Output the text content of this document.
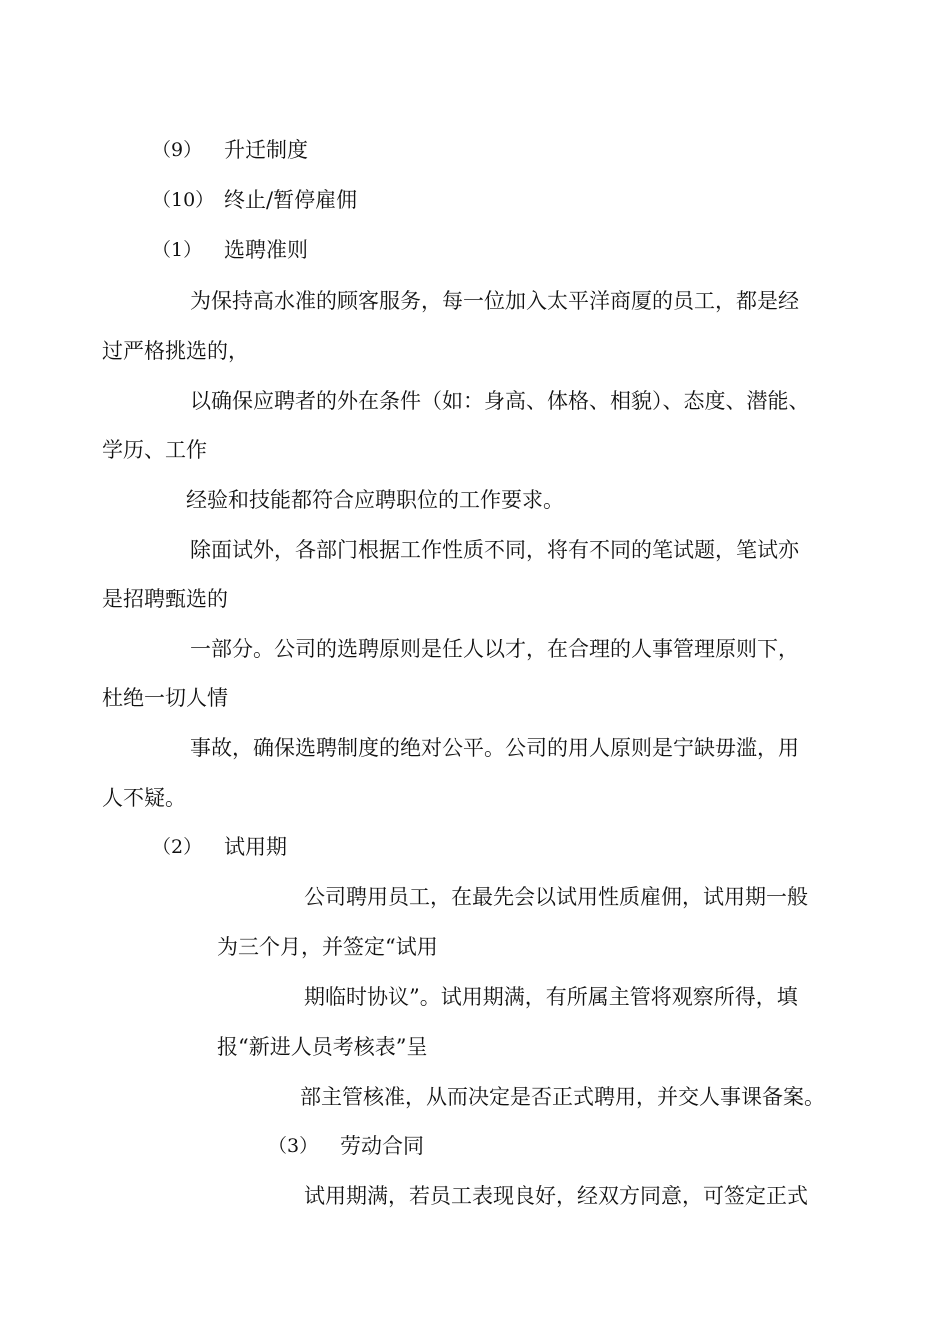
（9） 升迁制度
（10） 终止/暂停雇佣
（1） 选聘准则
为保持高水准的顾客服务，每一位加入太平洋商厦的员工，都是经
过严格挑选的，
以确保应聘者的外在条件（如：身高、体格、相貌）、态度、潜能、
学历、工作
经验和技能都符合应聘职位的工作要求。
除面试外，各部门根据工作性质不同，将有不同的笔试题，笔试亦
是招聘甄选的
一部分。公司的选聘原则是任人以才，在合理的人事管理原则下，
杜绝一切人情
事故，确保选聘制度的绝对公平。公司的用人原则是宁缺毋滥，用
人不疑。
（2） 试用期
公司聘用员工，在最先会以试用性质雇佣，试用期一般
为三个月，并签定“试用
期临时协议”。试用期满，有所属主管将观察所得，填
报“新进人员考核表”呈
部主管核准，从而决定是否正式聘用，并交人事课备案。
（3） 劳动合同
试用期满，若员工表现良好，经双方同意，可签定正式
